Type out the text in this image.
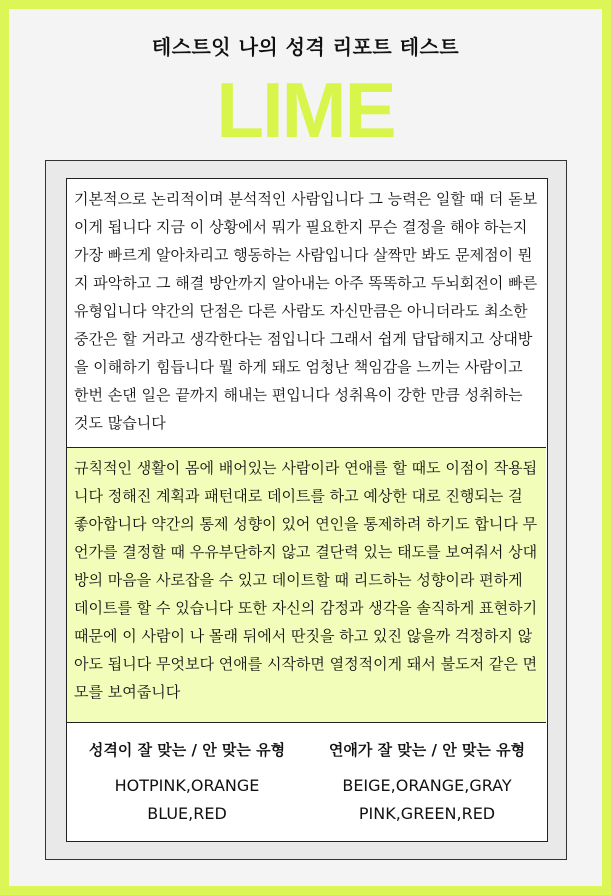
테스트잇 나의 성격 리포트 테스트
LIME
기본적으로 논리적이며 분석적인 사람입니다 그 능력은 일할 때 더 돋보이게 됩니다 지금 이 상황에서 뭐가 필요한지 무슨 결정을 해야 하는지 가장 빠르게 알아차리고 행동하는 사람입니다 살짝만 봐도 문제점이 뭔지 파악하고 그 해결 방안까지 알아내는 아주 똑똑하고 두뇌회전이 빠른 유형입니다 약간의 단점은 다른 사람도 자신만큼은 아니더라도 최소한 중간은 할 거라고 생각한다는 점입니다 그래서 쉽게 답답해지고 상대방을 이해하기 힘듭니다 뭘 하게 돼도 엄청난 책임감을 느끼는 사람이고 한번 손댄 일은 끝까지 해내는 편입니다 성취욕이 강한 만큼 성취하는 것도 많습니다
규칙적인 생활이 몸에 배어있는 사람이라 연애를 할 때도 이점이 작용됩니다 정해진 계획과 패턴대로 데이트를 하고 예상한 대로 진행되는 걸 좋아합니다 약간의 통제 성향이 있어 연인을 통제하려 하기도 합니다 무언가를 결정할 때 우유부단하지 않고 결단력 있는 태도를 보여줘서 상대방의 마음을 사로잡을 수 있고 데이트할 때 리드하는 성향이라 편하게 데이트를 할 수 있습니다 또한 자신의 감정과 생각을 솔직하게 표현하기 때문에 이 사람이 나 몰래 뒤에서 딴짓을 하고 있진 않을까 걱정하지 않아도 됩니다 무엇보다 연애를 시작하면 열정적이게 돼서 불도저 같은 면모를 보여줍니다
성격이 잘 맞는 / 안 맞는 유형
HOTPINK,ORANGE
BLUE,RED
연애가 잘 맞는 / 안 맞는 유형
BEIGE,ORANGE,GRAY
PINK,GREEN,RED
